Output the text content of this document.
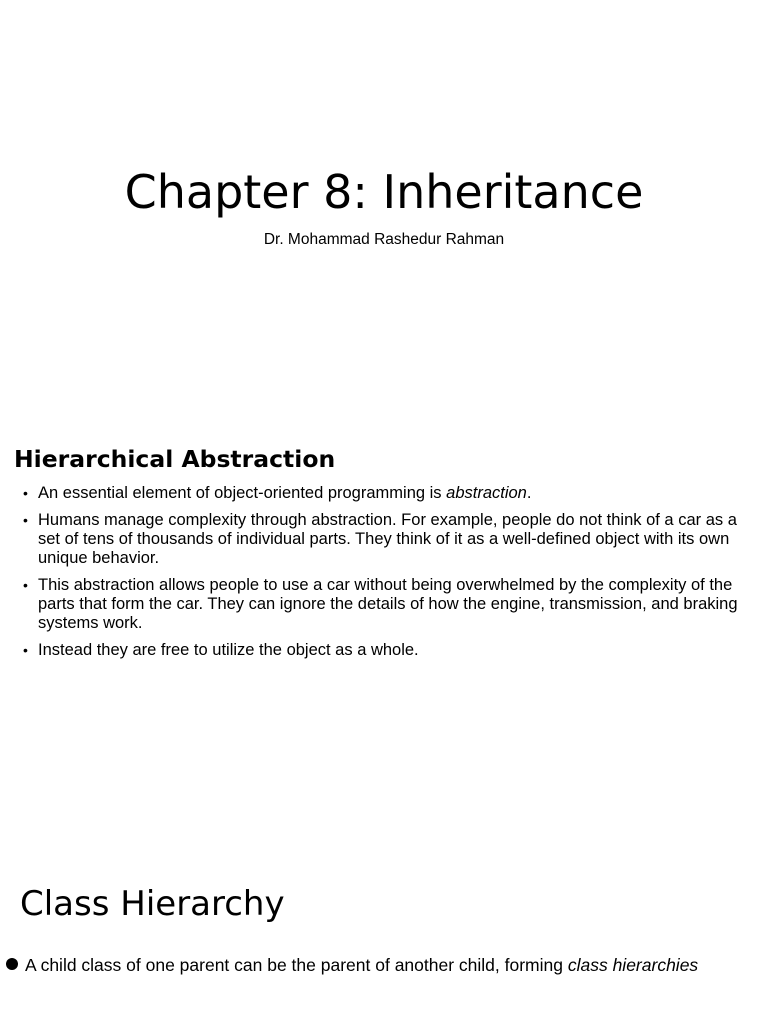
Chapter 8: Inheritance

Dr. Mohammad Rashedur Rahman

Hierarchical Abstraction
• An essential element of object-oriented programming is abstraction.
• Humans manage complexity through abstraction. For example, people do not think of a car as a set of tens of thousands of individual parts. They think of it as a well-defined object with its own unique behavior.
• This abstraction allows people to use a car without being overwhelmed by the complexity of the parts that form the car. They can ignore the details of how the engine, transmission, and braking systems work.
• Instead they are free to utilize the object as a whole.
Class Hierarchy
A child class of one parent can be the parent of another child, forming class hierarchies
